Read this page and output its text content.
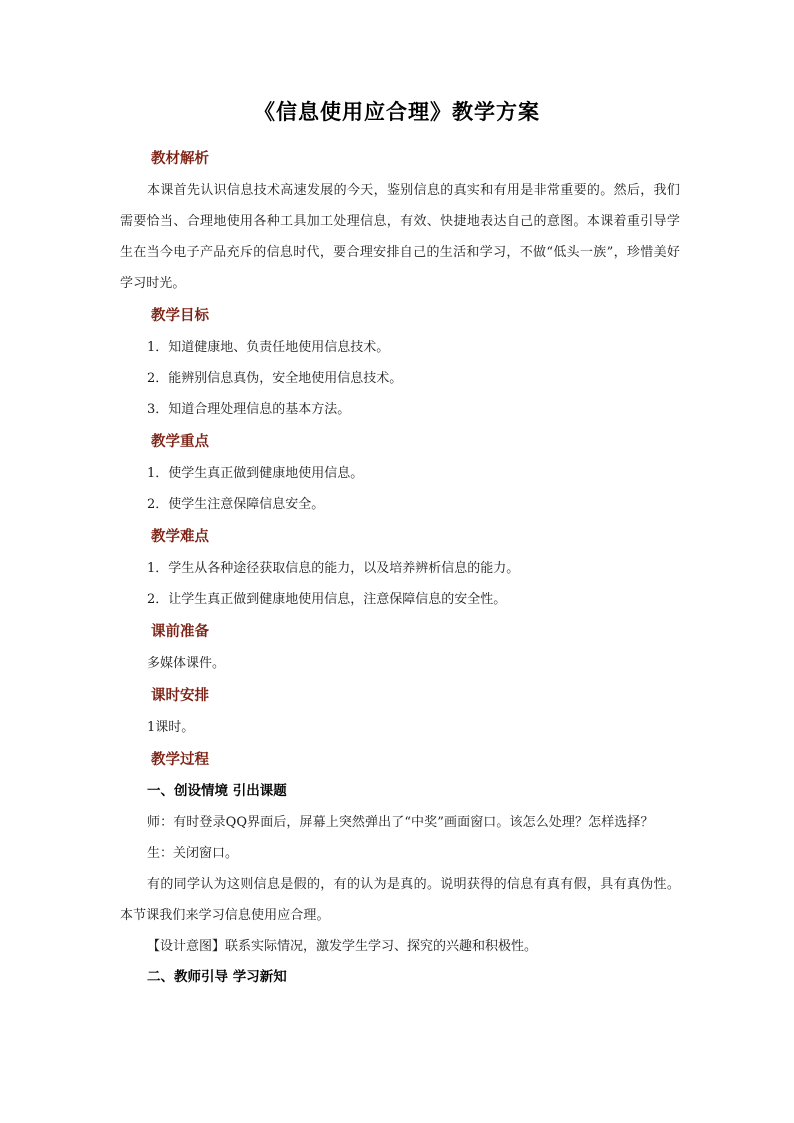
《信息使用应合理》教学方案
教材解析
本课首先认识信息技术高速发展的今天，鉴别信息的真实和有用是非常重要的。然后，我们需要恰当、合理地使用各种工具加工处理信息，有效、快捷地表达自己的意图。本课着重引导学生在当今电子产品充斥的信息时代，要合理安排自己的生活和学习，不做“低头一族”，珍惜美好学习时光。
教学目标
1．知道健康地、负责任地使用信息技术。
2．能辨别信息真伪，安全地使用信息技术。
3．知道合理处理信息的基本方法。
教学重点
1．使学生真正做到健康地使用信息。
2．使学生注意保障信息安全。
教学难点
1．学生从各种途径获取信息的能力，以及培养辨析信息的能力。
2．让学生真正做到健康地使用信息，注意保障信息的安全性。
课前准备
多媒体课件。
课时安排
1课时。
教学过程
一、创设情境 引出课题
师：有时登录QQ界面后，屏幕上突然弹出了“中奖”画面窗口。该怎么处理？怎样选择？
生：关闭窗口。
有的同学认为这则信息是假的，有的认为是真的。说明获得的信息有真有假，具有真伪性。本节课我们来学习信息使用应合理。
【设计意图】联系实际情况，激发学生学习、探究的兴趣和积极性。
二、教师引导 学习新知
